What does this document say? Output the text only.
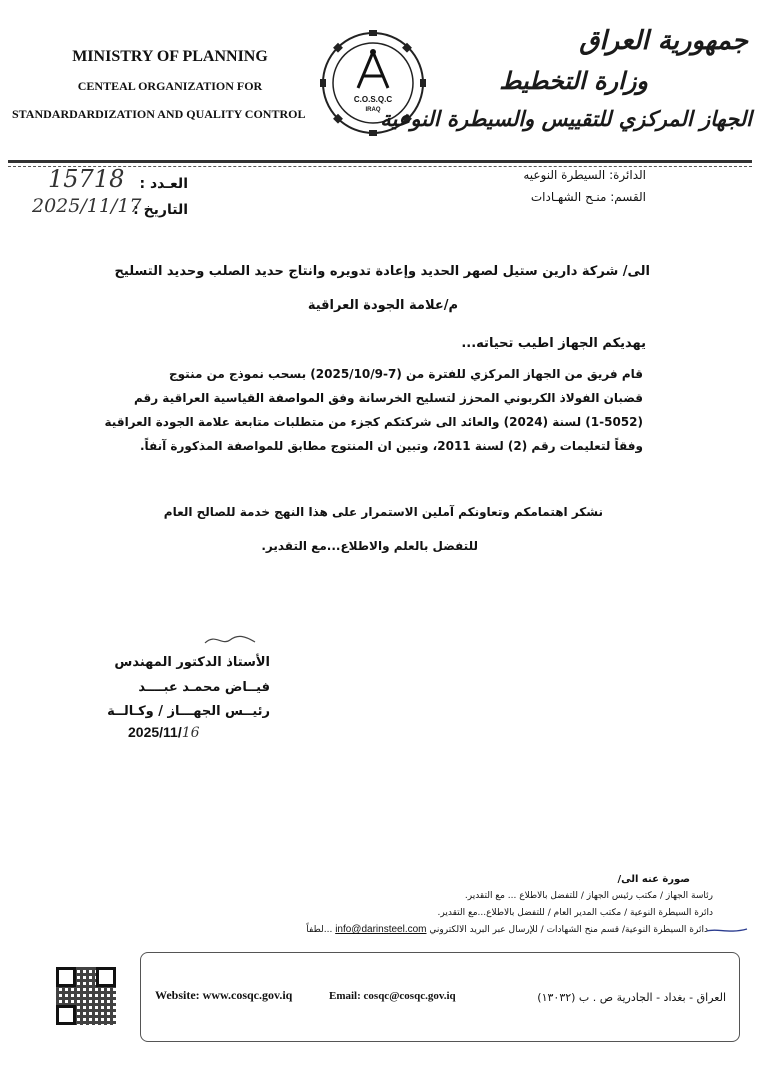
MINISTRY OF PLANNING
CENTEAL ORGANIZATION FOR
STANDARDARDIZATION AND QUALITY CONTROL
C.O.S.Q.C
IRAQ
جمهورية العراق
وزارة التخطيط
الجهاز المركزي للتقييس والسيطرة النوعية
العـدد :
15718
التاريخ :
2025/11/17
الدائرة: السيطرة النوعيه
القسم: منـح الشهـادات
الى/ شركة دارين ستيل لصهر الحديد وإعادة تدويره وانتاج حديد الصلب وحديد التسليح
م/علامة الجودة العراقية
يهديكم الجهاز اطيب تحياته...
قام فريق من الجهاز المركزي للفترة من (7-2025/10/9) بسحب نموذج من منتوج
قضبان الفولاذ الكربوني المحزز لتسليح الخرسانة وفق المواصفة القياسية العراقية رقم
(1-5052) لسنة (2024) والعائد الى شركتكم كجزء من متطلبات متابعة علامة الجودة العراقية
وفقاً لتعليمات رقم (2) لسنة 2011، وتبين ان المنتوج مطابق للمواصفة المذكورة آنفاً.
نشكر اهتمامكم وتعاونكم آملين الاستمرار على هذا النهج خدمة للصالح العام
للتفضل بالعلم والاطلاع...مع التقدير.
الأستاذ الدكتور المهندس
فيــاض محمـد عبــــد
رئيــس الجهـــاز / وكـالــة
2025/11/16
صورة عنه الى/
رئاسة الجهاز / مكتب رئيس الجهاز / للتفضل بالاطلاع ... مع التقدير.
دائرة السيطرة النوعية / مكتب المدير العام / للتفضل بالاطلاع...مع التقدير.
دائرة السيطرة النوعية/ قسم منح الشهادات / للإرسال عبر البريد الالكتروني info@darinsteel.com ...لطفاً
Website: www.cosqc.gov.iq	Email: cosqc@cosqc.gov.iq	العراق - بغداد - الجادرية ص . ب (١٣٠٣٢)
